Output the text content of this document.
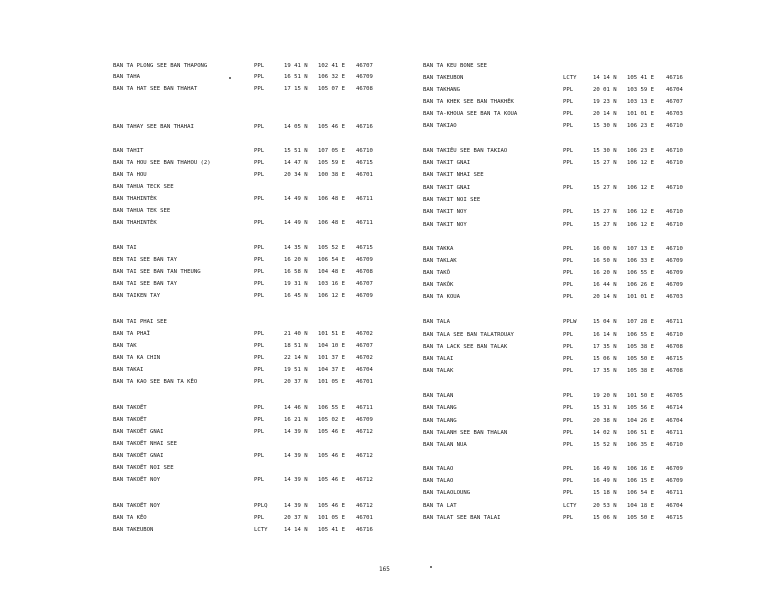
BAN TA PLONG SEE BAN THAPONG	PPL	19 41 N 102 41 E 46707
BAN TAHA	PPL	16 51 N 106 32 E 46709
BAN TA HAT SEE BAN THAHAT	PPL	17 15 N 105 07 E 46708
BAN TAHAY SEE BAN THAHAI	PPL	14 05 N 105 46 E 46716
BAN TAHIT	PPL	15 51 N 107 05 E 46710
BAN TA HOU SEE BAN THAHOU (2)	PPL	14 47 N 105 59 E 46715
BAN TA HOU	PPL	20 34 N 100 38 E 46701
BAN TAHUA TECK SEE
BAN THAHINTÈK	PPL	14 49 N 106 48 E 46711
BAN TAHUA TEK SEE
BAN THAHINTÈK	PPL	14 49 N 106 48 E 46711
BAN TAI	PPL	14 35 N 105 52 E 46715
BEN TAI SEE BAN TAY	PPL	16 20 N 106 54 E 46709
BAN TAI SEE BAN TAN THEUNG	PPL	16 58 N 104 48 E 46708
BAN TAI SEE BAN TAY	PPL	19 31 N 103 16 E 46707
BAN TAIKEN TAY	PPL	16 45 N 106 12 E 46709
BAN TAI PHAI SEE
BAN TA PHAÏ	PPL	21 40 N 101 51 E 46702
BAN TAK	PPL	18 51 N 104 10 E 46707
BAN TA KA CHIN	PPL	22 14 N 101 37 E 46702
BAN TAKAI	PPL	19 51 N 104 37 E 46704
BAN TA KAO SEE BAN TA KÊO	PPL	20 37 N 101 05 E 46701
BAN TAKOËT	PPL	14 46 N 106 55 E 46711
BAN TAKOËT	PPL	16 21 N 105 02 E 46709
BAN TAKOËT GNAI	PPL	14 39 N 105 46 E 46712
BAN TAKOËT NHAI SEE
BAN TAKOËT GNAI	PPL	14 39 N 105 46 E 46712
BAN TAKOËT NOI SEE
BAN TAKOËT NOY	PPL	14 39 N 105 46 E 46712
BAN TAKOËT NOY	PPLQ	14 39 N 105 46 E 46712
BAN TA KÊO	PPL	20 37 N 101 05 E 46701
BAN TAKEUBON	LCTY	14 14 N 105 41 E 46716
BAN TA KEU BONE SEE
BAN TAKEUBON	LCTY	14 14 N 105 41 E 46716
BAN TAKHANG	PPL	20 01 N 103 59 E 46704
BAN TA KHEK SEE BAN THAKHÊK	PPL	19 23 N 103 13 E 46707
BAN TA-KHOUA SEE BAN TA KOUA	PPL	20 14 N 101 01 E 46703
BAN TAKIAO	PPL	15 30 N 106 23 E 46710
BAN TAKIÊU SEE BAN TAKIAO	PPL	15 30 N 106 23 E 46710
BAN TAKIT GNAI	PPL	15 27 N 106 12 E 46710
BAN TAKIT NHAI SEE
BAN TAKIT GNAI	PPL	15 27 N 106 12 E 46710
BAN TAKIT NOI SEE
BAN TAKIT NOY	PPL	15 27 N 106 12 E 46710
BAN TAKIT NOY	PPL	15 27 N 106 12 E 46710
BAN TAKKA	PPL	16 00 N 107 13 E 46710
BAN TAKLAK	PPL	16 50 N 106 33 E 46709
BAN TAKÔ	PPL	16 20 N 106 55 E 46709
BAN TAKÔK	PPL	16 44 N 106 26 E 46709
BAN TA KOUA	PPL	20 14 N 101 01 E 46703
BAN TALA	PPLW	15 04 N 107 28 E 46711
BAN TALA SEE BAN TALATROUAY	PPL	16 14 N 106 55 E 46710
BAN TA LACK SEE BAN TALAK	PPL	17 35 N 105 38 E 46708
BAN TALAI	PPL	15 06 N 105 50 E 46715
BAN TALAK	PPL	17 35 N 105 38 E 46708
BAN TALAN	PPL	19 20 N 101 50 E 46705
BAN TALANG	PPL	15 31 N 105 56 E 46714
BAN TALANG	PPL	20 38 N 104 26 E 46704
BAN TALANH SEE BAN THALAN	PPL	14 02 N 106 51 E 46711
BAN TALAN NUA	PPL	15 52 N 106 35 E 46710
BAN TALAO	PPL	16 49 N 106 16 E 46709
BAN TALAO	PPL	16 49 N 106 15 E 46709
BAN TALAOLOUNG	PPL	15 18 N 106 54 E 46711
BAN TA LAT	LCTY	20 53 N 104 18 E 46704
BAN TALAT SEE BAN TALAI	PPL	15 06 N 105 50 E 46715
165
